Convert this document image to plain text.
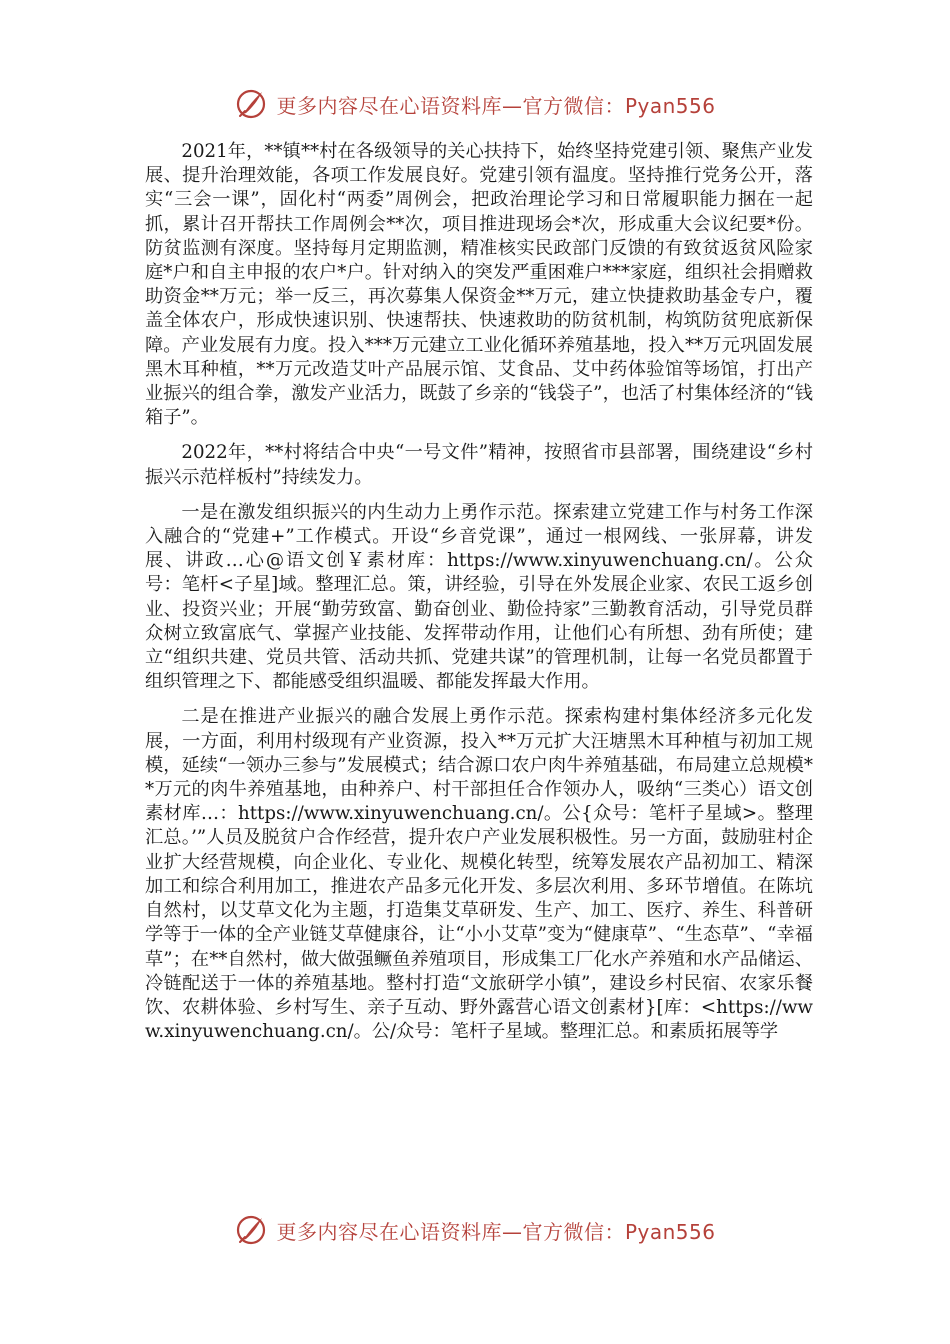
更多内容尽在心语资料库—官方微信：Pyan556

2021年，**镇**村在各级领导的关心扶持下，始终坚持党建引领、聚焦产业发展、提升治理效能，各项工作发展良好。党建引领有温度。坚持推行党务公开，落实“三会一课”，固化村“两委”周例会，把政治理论学习和日常履职能力捆在一起抓，累计召开帮扶工作周例会**次，项目推进现场会*次，形成重大会议纪要*份。防贫监测有深度。坚持每月定期监测，精准核实民政部门反馈的有致贫返贫风险家庭*户和自主申报的农户*户。针对纳入的突发严重困难户***家庭，组织社会捐赠救助资金**万元；举一反三，再次募集人保资金**万元，建立快捷救助基金专户，覆盖全体农户，形成快速识别、快速帮扶、快速救助的防贫机制，构筑防贫兜底新保障。产业发展有力度。投入***万元建立工业化循环养殖基地，投入**万元巩固发展黑木耳种植，**万元改造艾叶产品展示馆、艾食品、艾中药体验馆等场馆，打出产业振兴的组合拳，激发产业活力，既鼓了乡亲的“钱袋子”，也活了村集体经济的“钱箱子”。

2022年，**村将结合中央“一号文件”精神，按照省市县部署，围绕建设“乡村振兴示范样板村”持续发力。

一是在激发组织振兴的内生动力上勇作示范。探索建立党建工作与村务工作深入融合的“党建+”工作模式。开设“乡音党课”，通过一根网线、一张屏幕，讲发展、讲政…心@语文创￥素材库：https://www.xinyuwenchuang.cn/。公众号：笔杆<子星]域。整理汇总。策，讲经验，引导在外发展企业家、农民工返乡创业、投资兴业；开展“勤劳致富、勤奋创业、勤俭持家”三勤教育活动，引导党员群众树立致富底气、掌握产业技能、发挥带动作用，让他们心有所想、劲有所使；建立“组织共建、党员共管、活动共抓、党建共谋”的管理机制，让每一名党员都置于组织管理之下、都能感受组织温暖、都能发挥最大作用。

二是在推进产业振兴的融合发展上勇作示范。探索构建村集体经济多元化发展，一方面，利用村级现有产业资源，投入**万元扩大汪塘黑木耳种植与初加工规模，延续“一领办三参与”发展模式；结合源口农户肉牛养殖基础，布局建立总规模**万元的肉牛养殖基地，由种养户、村干部担任合作领办人，吸纳“三类心）语文创素材库…：https://www.xinyuwenchuang.cn/。公{众号：笔杆子星域>。整理汇总。’”人员及脱贫户合作经营，提升农户产业发展积极性。另一方面，鼓励驻村企业扩大经营规模，向企业化、专业化、规模化转型，统筹发展农产品初加工、精深加工和综合利用加工，推进农产品多元化开发、多层次利用、多环节增值。在陈坑自然村，以艾草文化为主题，打造集艾草研发、生产、加工、医疗、养生、科普研学等于一体的全产业链艾草健康谷，让“小小艾草”变为“健康草”、“生态草”、“幸福草”；在**自然村，做大做强鳜鱼养殖项目，形成集工厂化水产养殖和水产品储运、冷链配送于一体的养殖基地。整村打造“文旅研学小镇”，建设乡村民宿、农家乐餐饮、农耕体验、乡村写生、亲子互动、野外露营心语文创素材}[库：<https://www.xinyuwenchuang.cn/。公/众号：笔杆子星域。整理汇总。和素质拓展等学

更多内容尽在心语资料库—官方微信：Pyan556
